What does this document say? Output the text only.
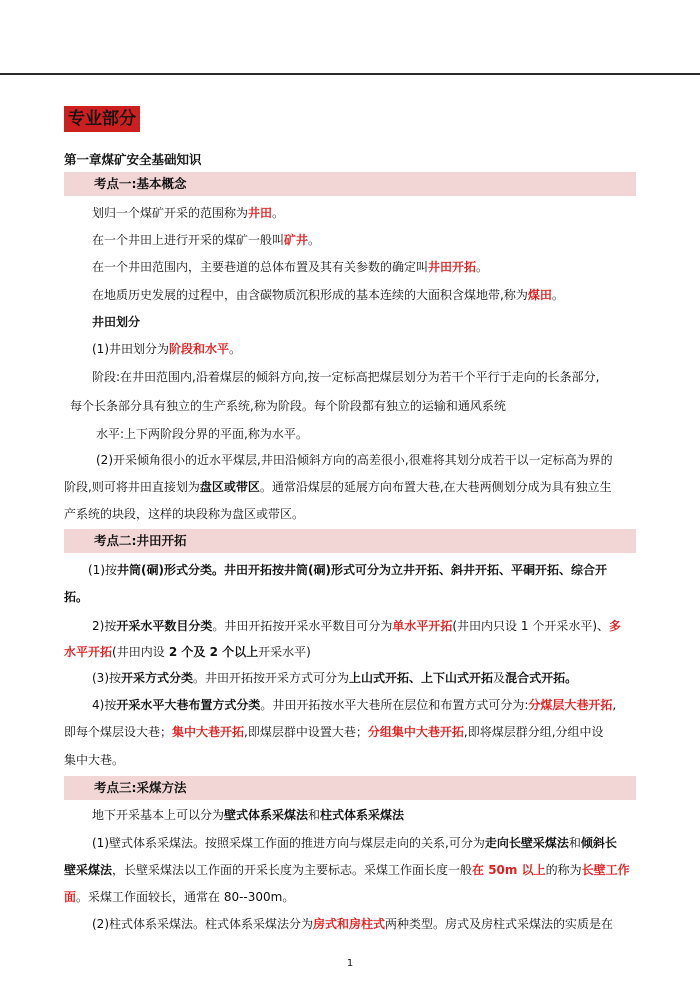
专业部分
第一章煤矿安全基础知识
考点一:基本概念
划归一个煤矿开采的范围称为井田。
在一个井田上进行开采的煤矿一般叫矿井。
在一个井田范围内，主要巷道的总体布置及其有关参数的确定叫井田开拓。
在地质历史发展的过程中，由含碳物质沉积形成的基本连续的大面积含煤地带,称为煤田。
井田划分
(1)井田划分为阶段和水平。
阶段:在井田范围内,沿着煤层的倾斜方向,按一定标高把煤层划分为若干个平行于走向的长条部分,
每个长条部分具有独立的生产系统,称为阶段。每个阶段都有独立的运输和通风系统
水平:上下两阶段分界的平面,称为水平。
(2)开采倾角很小的近水平煤层,井田沿倾斜方向的高差很小,很难将其划分成若干以一定标高为界的
阶段,则可将井田直接划为盘区或带区。通常沿煤层的延展方向布置大巷,在大巷两侧划分成为具有独立生
产系统的块段，这样的块段称为盘区或带区。
考点二:井田开拓
(1)按井筒(硐)形式分类。井田开拓按井筒(硐)形式可分为立井开拓、斜井开拓、平硐开拓、综合开
拓。
2)按开采水平数目分类。井田开拓按开采水平数目可分为单水平开拓(井田内只设 1 个开采水平)、多
水平开拓(井田内设 2 个及 2 个以上开采水平)
(3)按开采方式分类。井田开拓按开采方式可分为上山式开拓、上下山式开拓及混合式开拓。
4)按开采水平大巷布置方式分类。井田开拓按水平大巷所在层位和布置方式可分为:分煤层大巷开拓,
即每个煤层设大巷；集中大巷开拓,即煤层群中设置大巷；分组集中大巷开拓,即将煤层群分组,分组中设
集中大巷。
考点三:采煤方法
地下开采基本上可以分为壁式体系采煤法和柱式体系采煤法
(1)壁式体系采煤法。按照采煤工作面的推进方向与煤层走向的关系,可分为走向长壁采煤法和倾斜长
壁采煤法，长壁采煤法以工作面的开采长度为主要标志。采煤工作面长度一般在 50m 以上的称为长壁工作
面。采煤工作面较长，通常在 80--300m。
(2)柱式体系采煤法。柱式体系采煤法分为房式和房柱式两种类型。房式及房柱式采煤法的实质是在
1
